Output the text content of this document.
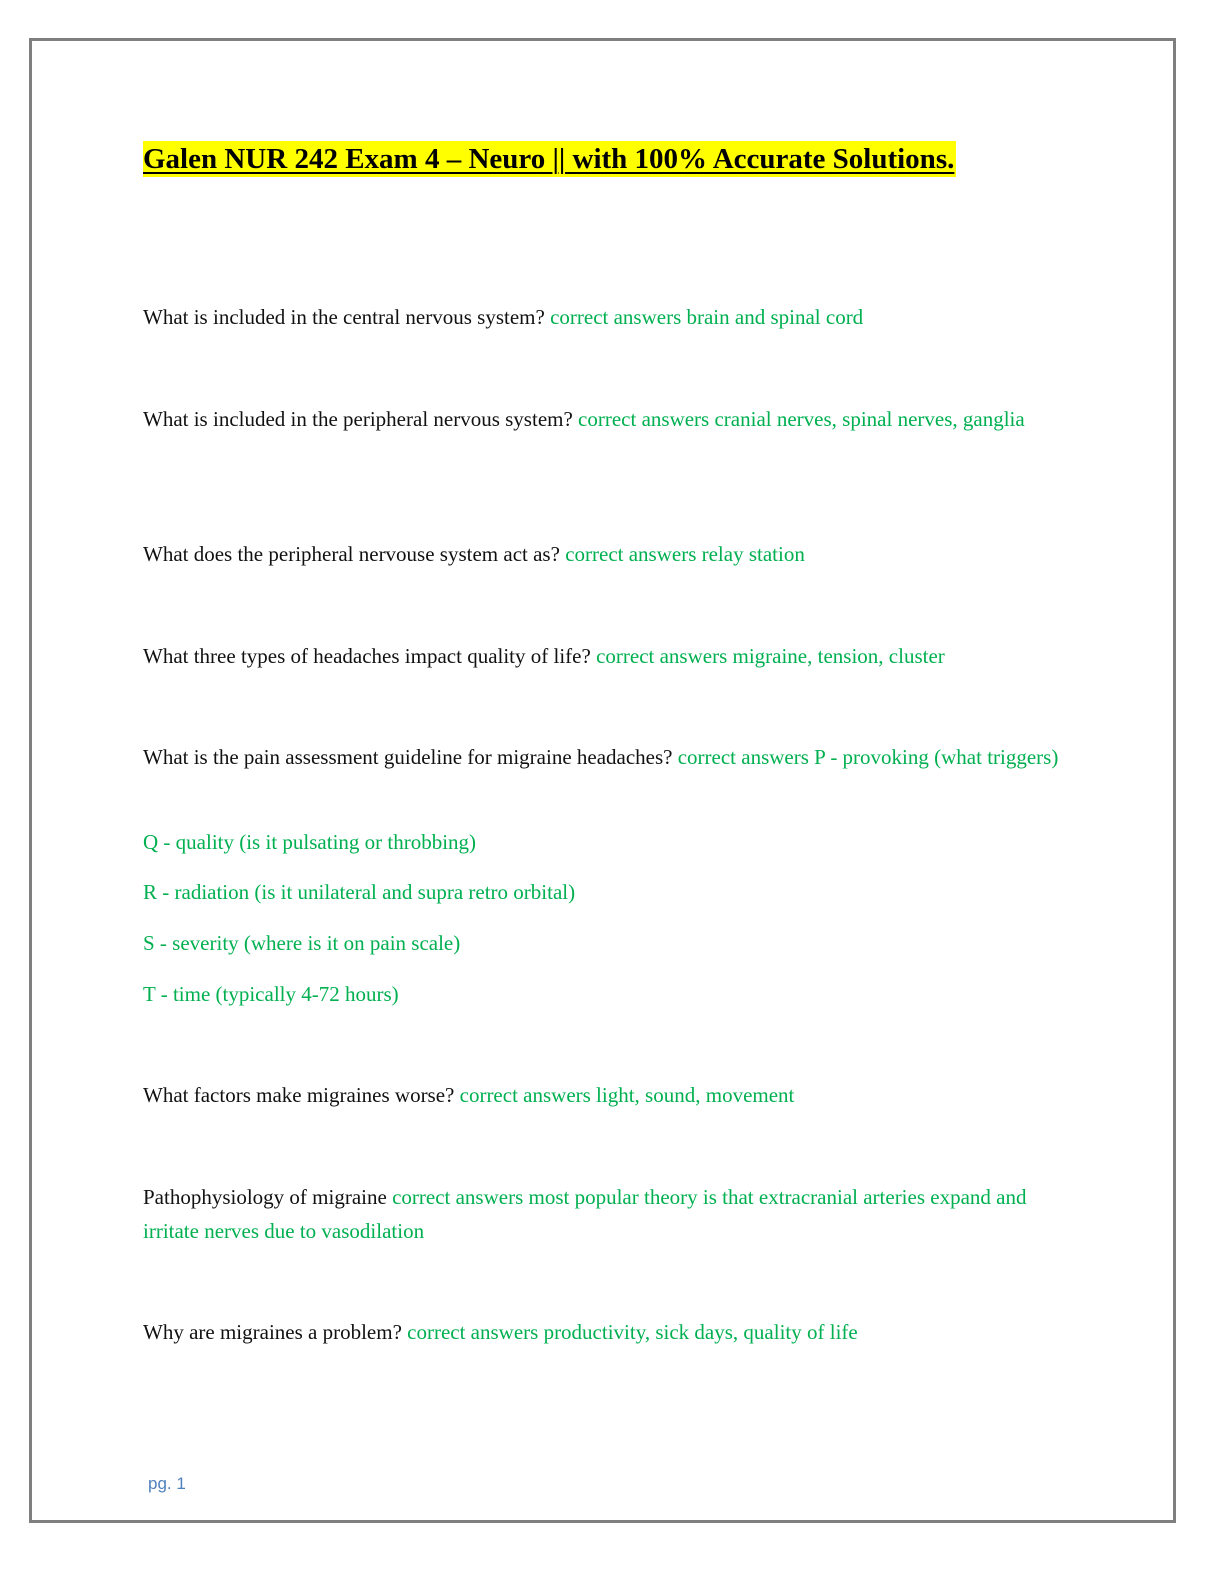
Galen NUR 242 Exam 4 – Neuro || with 100% Accurate Solutions.
What is included in the central nervous system? correct answers brain and spinal cord
What is included in the peripheral nervous system? correct answers cranial nerves, spinal nerves, ganglia
What does the peripheral nervouse system act as? correct answers relay station
What three types of headaches impact quality of life? correct answers migraine, tension, cluster
What is the pain assessment guideline for migraine headaches? correct answers P - provoking (what triggers)
Q - quality (is it pulsating or throbbing)
R - radiation (is it unilateral and supra retro orbital)
S - severity (where is it on pain scale)
T - time (typically 4-72 hours)
What factors make migraines worse? correct answers light, sound, movement
Pathophysiology of migraine correct answers most popular theory is that extracranial arteries expand and irritate nerves due to vasodilation
Why are migraines a problem? correct answers productivity, sick days, quality of life
pg. 1
